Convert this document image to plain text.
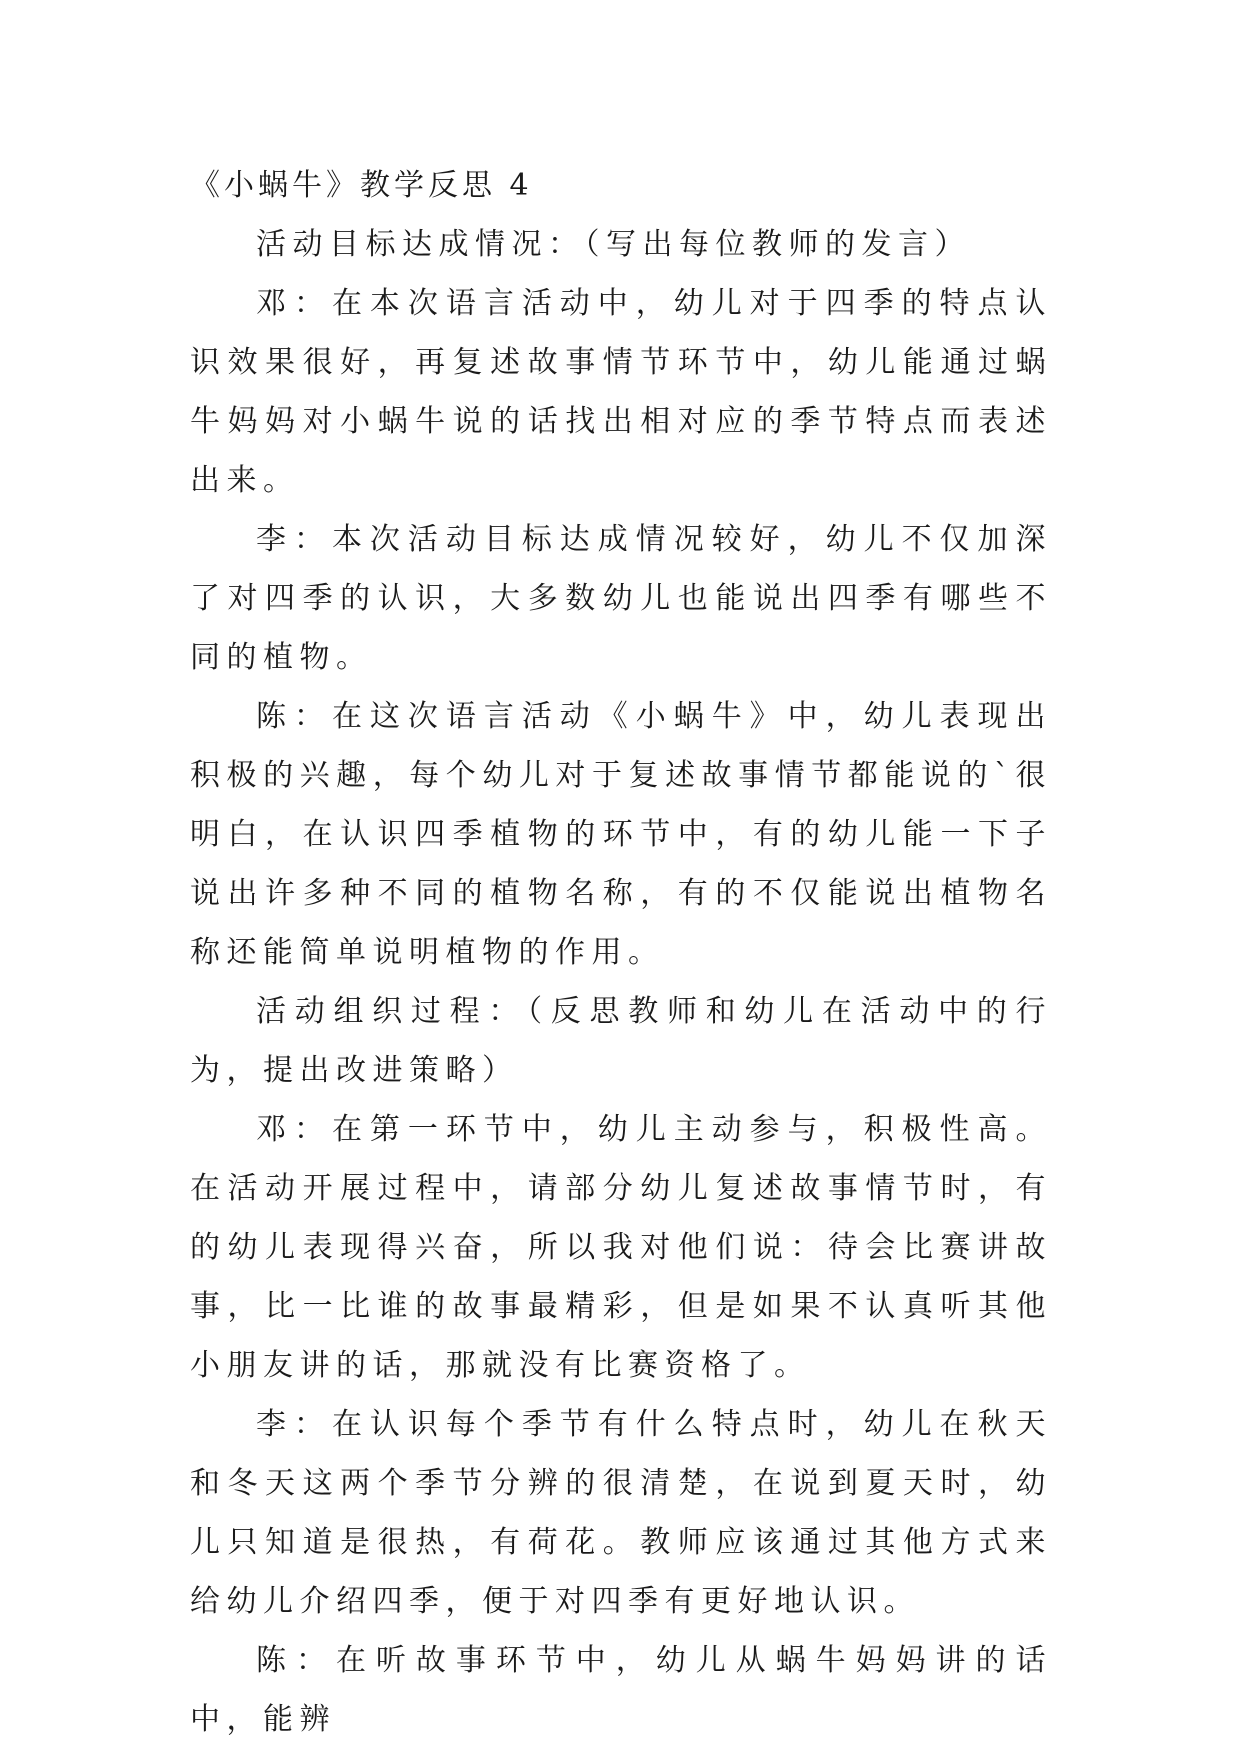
《小蜗牛》教学反思 4

活动目标达成情况：（写出每位教师的发言）

邓：在本次语言活动中，幼儿对于四季的特点认识效果很好，再复述故事情节环节中，幼儿能通过蜗牛妈妈对小蜗牛说的话找出相对应的季节特点而表述出来。

李：本次活动目标达成情况较好，幼儿不仅加深了对四季的认识，大多数幼儿也能说出四季有哪些不同的植物。

陈：在这次语言活动《小蜗牛》中，幼儿表现出积极的兴趣，每个幼儿对于复述故事情节都能说的`很明白，在认识四季植物的环节中，有的幼儿能一下子说出许多种不同的植物名称，有的不仅能说出植物名称还能简单说明植物的作用。

活动组织过程：（反思教师和幼儿在活动中的行为，提出改进策略）

邓：在第一环节中，幼儿主动参与，积极性高。在活动开展过程中，请部分幼儿复述故事情节时，有的幼儿表现得兴奋，所以我对他们说：待会比赛讲故事，比一比谁的故事最精彩，但是如果不认真听其他小朋友讲的话，那就没有比赛资格了。

李：在认识每个季节有什么特点时，幼儿在秋天和冬天这两个季节分辨的很清楚，在说到夏天时，幼儿只知道是很热，有荷花。教师应该通过其他方式来给幼儿介绍四季，便于对四季有更好地认识。

陈：在听故事环节中，幼儿从蜗牛妈妈讲的话中，能辨
